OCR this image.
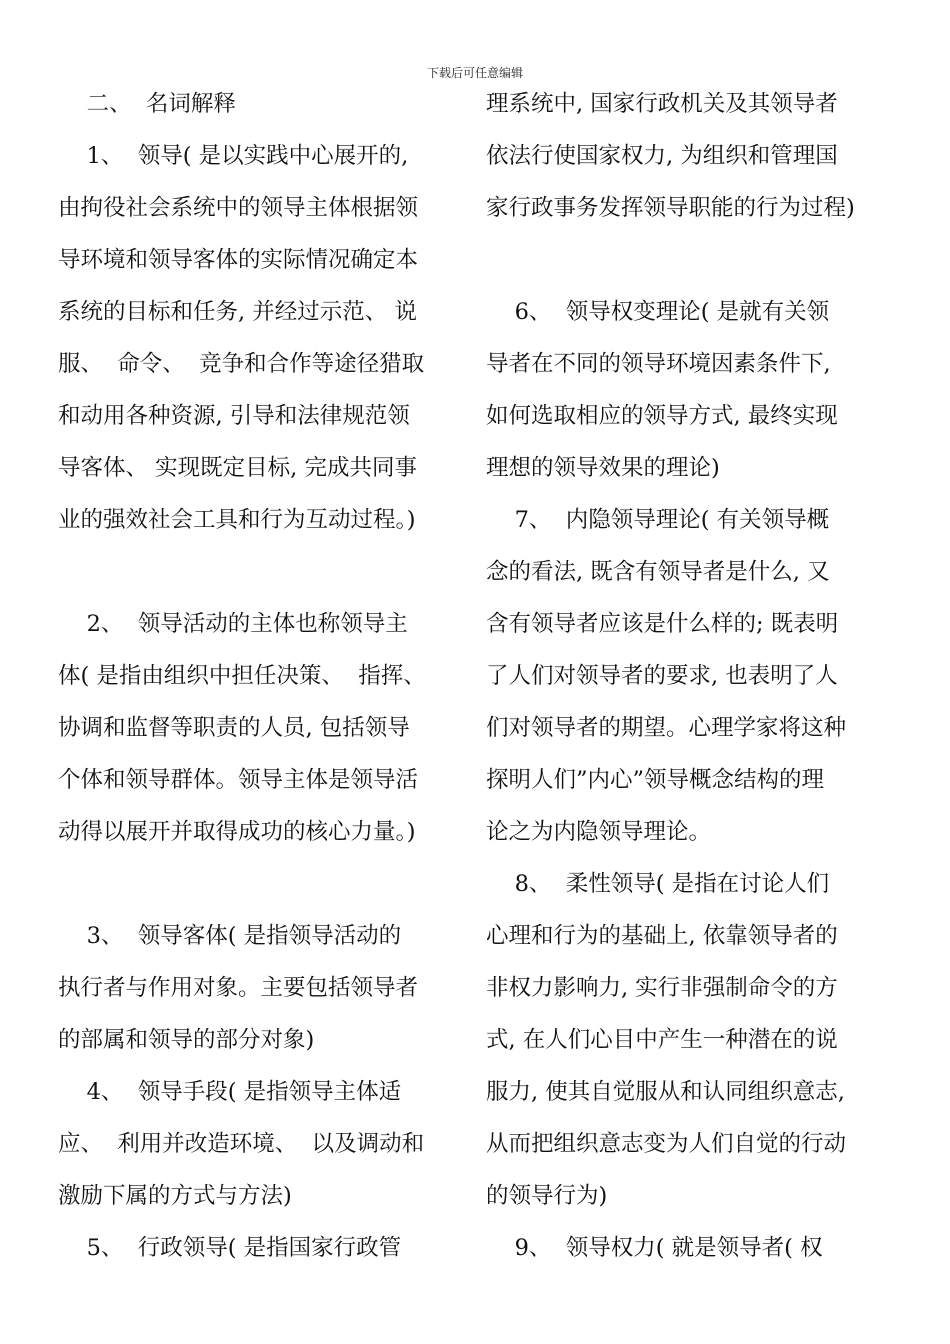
下载后可任意编辑
二、  名词解释
1、  领导( 是以实践中心展开的,
由拘役社会系统中的领导主体根据领
导环境和领导客体的实际情况确定本
系统的目标和任务, 并经过示范、 说
服、  命令、  竞争和合作等途径猎取
和动用各种资源, 引导和法律规范领
导客体、 实现既定目标, 完成共同事
业的强效社会工具和行为互动过程。)
2、  领导活动的主体也称领导主
体( 是指由组织中担任决策、  指挥、
协调和监督等职责的人员, 包括领导
个体和领导群体。领导主体是领导活
动得以展开并取得成功的核心力量。)
3、  领导客体( 是指领导活动的
执行者与作用对象。主要包括领导者
的部属和领导的部分对象)
4、  领导手段( 是指领导主体适
应、  利用并改造环境、  以及调动和
激励下属的方式与方法)
5、  行政领导( 是指国家行政管
理系统中, 国家行政机关及其领导者
依法行使国家权力, 为组织和管理国
家行政事务发挥领导职能的行为过程)
6、  领导权变理论( 是就有关领
导者在不同的领导环境因素条件下,
如何选取相应的领导方式, 最终实现
理想的领导效果的理论)
7、  内隐领导理论( 有关领导概
念的看法, 既含有领导者是什么, 又
含有领导者应该是什么样的; 既表明
了人们对领导者的要求, 也表明了人
们对领导者的期望。心理学家将这种
探明人们”内心”领导概念结构的理
论之为内隐领导理论。
8、  柔性领导( 是指在讨论人们
心理和行为的基础上, 依靠领导者的
非权力影响力, 实行非强制命令的方
式, 在人们心目中产生一种潜在的说
服力, 使其自觉服从和认同组织意志,
从而把组织意志变为人们自觉的行动
的领导行为)
9、  领导权力( 就是领导者( 权
